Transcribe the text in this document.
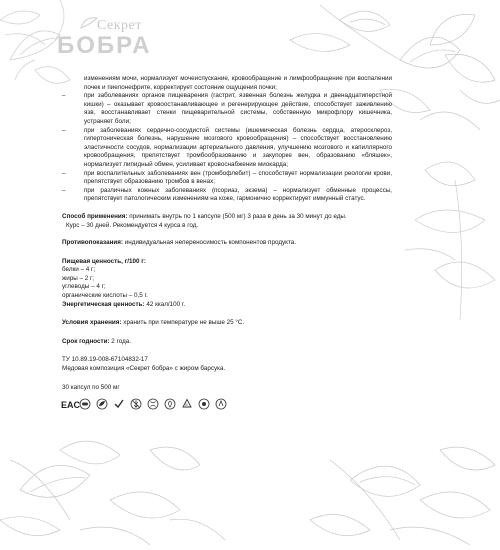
Секрет
БОБРА
изменениям мочи, нормализует мочеиспускание, кровообращение и лимфообращение при воспалении почек и пиелонефрите, корректирует состояние ощущения почки;
–	при заболеваниях органов пищеварения (гастрит, язвенная болезнь желудка и двенадцатиперстной кишки) – оказывает кровоостанавливающее и регенерирующее действие, способствует заживлению язв, восстанавливает стенки пищеварительной системы, собственную микрофлору кишечника, устраняет боли;
–	при заболеваниях сердечно-сосудистой системы (ишемическая болезнь сердца, атеросклероз, гипертоническая болезнь, нарушение мозгового кровообращения) – способствует восстановлению эластичности сосудов, нормализации артериального давления, улучшению мозгового и капиллярного кровообращения, препятствует тромбообразованию и закупорке вен, образованию «бляшек», нормализует липидный обмен, усиливает кровоснабжение миокарда;
–	при воспалительных заболеваниях вен (тромбофлебит) – способствует нормализации реологии крови, препятствует образованию тромбов в венах;
–	при различных кожных заболеваниях (псориаз, экзема) – нормализует обменные процессы, препятствует патологическим изменениям на коже, гармонично корректирует иммунный статус.
Способ применения: принимать внутрь по 1 капсуле (500 мг) 3 раза в день за 30 минут до еды.
Курс – 30 дней. Рекомендуется 4 курса в год.
Противопоказания: индивидуальная непереносимость компонентов продукта.
Пищевая ценность, г/100 г:
белки – 4 г;
жиры – 2 г;
углеводы – 4 г;
органические кислоты – 0,5 г.
Энергетическая ценность: 42 ккал/100 г.
Условия хранения: хранить при температуре не выше 25 °С.
Срок годности: 2 года.
ТУ 10.89.19-008-67104832-17
Медовая композиция «Секрет бобра» с жиром барсука.
30 капсул по 500 мг
EAC	5
